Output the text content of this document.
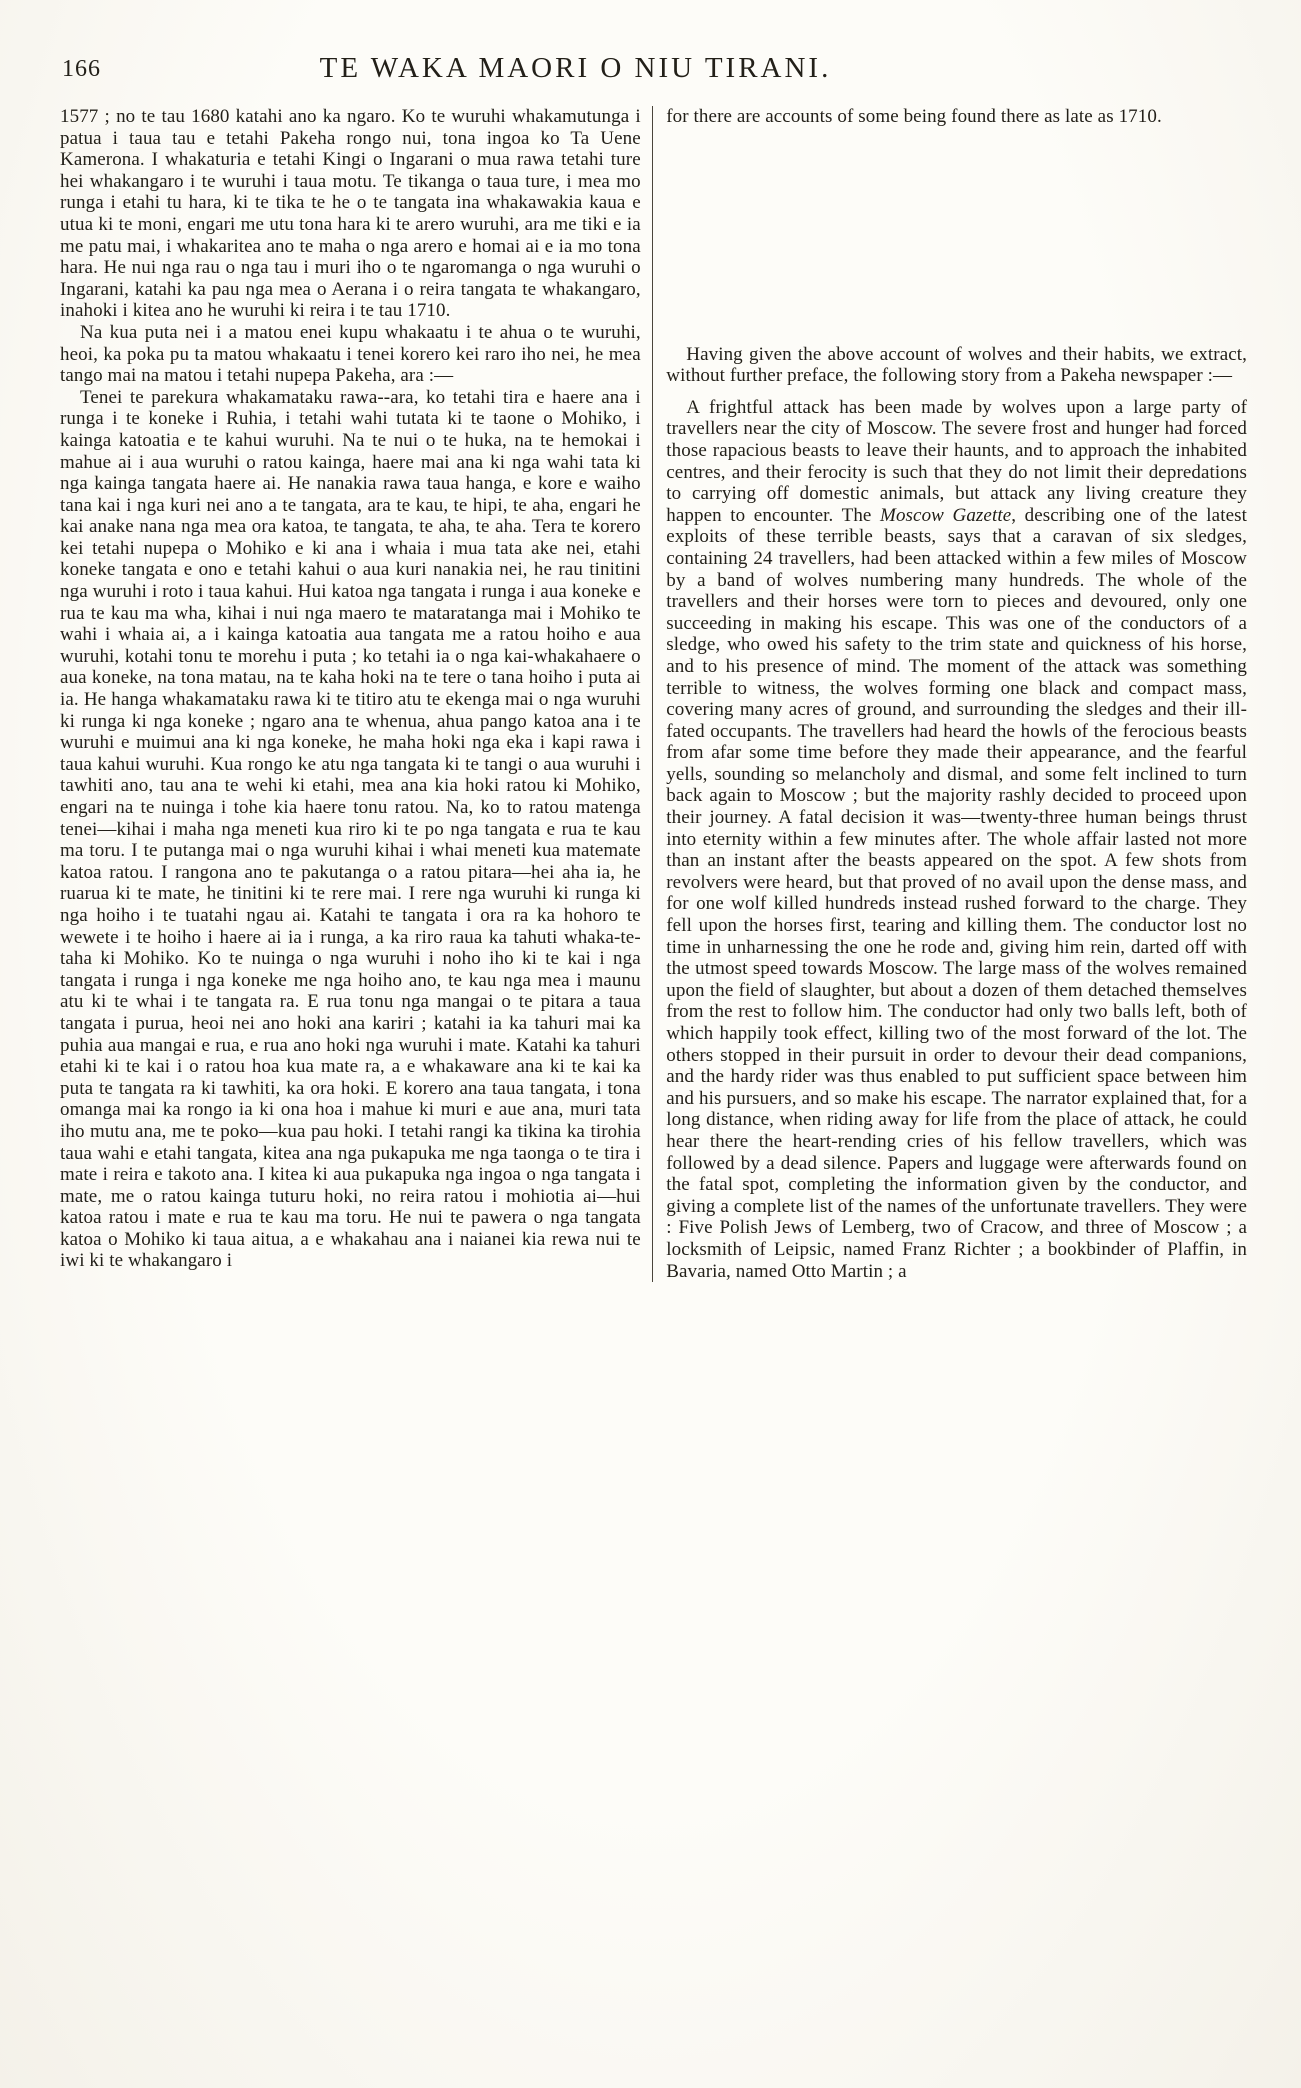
166	TE WAKA MAORI O NIU TIRANI.

1577 ; no te tau 1680 katahi ano ka ngaro. Ko te wuruhi whakamutunga i patua i taua tau e tetahi Pakeha rongo nui, tona ingoa ko Ta Uene Kamerona. I whakaturia e tetahi Kingi o Ingarani o mua rawa tetahi ture hei whakangaro i te wuruhi i taua motu. Te tikanga o taua ture, i mea mo runga i etahi tu hara, ki te tika te he o te tangata ina whakawakia kaua e utua ki te moni, engari me utu tona hara ki te arero wuruhi, ara me tiki e ia me patu mai, i whakaritea ano te maha o nga arero e homai ai e ia mo tona hara. He nui nga rau o nga tau i muri iho o te ngaromanga o nga wuruhi o Ingarani, katahi ka pau nga mea o Aerana i o reira tangata te whakangaro, inahoki i kitea ano he wuruhi ki reira i te tau 1710.

Na kua puta nei i a matou enei kupu whakaatu i te ahua o te wuruhi, heoi, ka poka pu ta matou whakaatu i tenei korero kei raro iho nei, he mea tango mai na matou i tetahi nupepa Pakeha, ara :—

Tenei te parekura whakamataku rawa--ara, ko tetahi tira e haere ana i runga i te koneke i Ruhia, i tetahi wahi tutata ki te taone o Mohiko, i kainga katoatia e te kahui wuruhi. Na te nui o te huka, na te hemokai i mahue ai i aua wuruhi o ratou kainga, haere mai ana ki nga wahi tata ki nga kainga tangata haere ai. He nanakia rawa taua hanga, e kore e waiho tana kai i nga kuri nei ano a te tangata, ara te kau, te hipi, te aha, engari he kai anake nana nga mea ora katoa, te tangata, te aha, te aha. Tera te korero kei tetahi nupepa o Mohiko e ki ana i whaia i mua tata ake nei, etahi koneke tangata e ono e tetahi kahui o aua kuri nanakia nei, he rau tinitini nga wuruhi i roto i taua kahui. Hui katoa nga tangata i runga i aua koneke e rua te kau ma wha, kihai i nui nga maero te mataratanga mai i Mohiko te wahi i whaia ai, a i kainga katoatia aua tangata me a ratou hoiho e aua wuruhi, kotahi tonu te morehu i puta ; ko tetahi ia o nga kai-whakahaere o aua koneke, na tona matau, na te kaha hoki na te tere o tana hoiho i puta ai ia. He hanga whakamataku rawa ki te titiro atu te ekenga mai o nga wuruhi ki runga ki nga koneke ; ngaro ana te whenua, ahua pango katoa ana i te wuruhi e muimui ana ki nga koneke, he maha hoki nga eka i kapi rawa i taua kahui wuruhi. Kua rongo ke atu nga tangata ki te tangi o aua wuruhi i tawhiti ano, tau ana te wehi ki etahi, mea ana kia hoki ratou ki Mohiko, engari na te nuinga i tohe kia haere tonu ratou. Na, ko to ratou matenga tenei—kihai i maha nga meneti kua riro ki te po nga tangata e rua te kau ma toru. I te putanga mai o nga wuruhi kihai i whai meneti kua matemate katoa ratou. I rangona ano te pakutanga o a ratou pitara—hei aha ia, he ruarua ki te mate, he tinitini ki te rere mai. I rere nga wuruhi ki runga ki nga hoiho i te tuatahi ngau ai. Katahi te tangata i ora ra ka hohoro te wewete i te hoiho i haere ai ia i runga, a ka riro raua ka tahuti whaka-te-taha ki Mohiko. Ko te nuinga o nga wuruhi i noho iho ki te kai i nga tangata i runga i nga koneke me nga hoiho ano, te kau nga mea i maunu atu ki te whai i te tangata ra. E rua tonu nga mangai o te pitara a taua tangata i purua, heoi nei ano hoki ana kariri ; katahi ia ka tahuri mai ka puhia aua mangai e rua, e rua ano hoki nga wuruhi i mate. Katahi ka tahuri etahi ki te kai i o ratou hoa kua mate ra, a e whakaware ana ki te kai ka puta te tangata ra ki tawhiti, ka ora hoki. E korero ana taua tangata, i tona omanga mai ka rongo ia ki ona hoa i mahue ki muri e aue ana, muri tata iho mutu ana, me te poko—kua pau hoki. I tetahi rangi ka tikina ka tirohia taua wahi e etahi tangata, kitea ana nga pukapuka me nga taonga o te tira i mate i reira e takoto ana. I kitea ki aua pukapuka nga ingoa o nga tangata i mate, me o ratou kainga tuturu hoki, no reira ratou i mohiotia ai—hui katoa ratou i mate e rua te kau ma toru. He nui te pawera o nga tangata katoa o Mohiko ki taua aitua, a e whakahau ana i naianei kia rewa nui te iwi ki te whakangaro i

for there are accounts of some being found there as late as 1710.

Having given the above account of wolves and their habits, we extract, without further preface, the following story from a Pakeha newspaper :—

A frightful attack has been made by wolves upon a large party of travellers near the city of Moscow. The severe frost and hunger had forced those rapacious beasts to leave their haunts, and to approach the inhabited centres, and their ferocity is such that they do not limit their depredations to carrying off domestic animals, but attack any living creature they happen to encounter. The Moscow Gazette, describing one of the latest exploits of these terrible beasts, says that a caravan of six sledges, containing 24 travellers, had been attacked within a few miles of Moscow by a band of wolves numbering many hundreds. The whole of the travellers and their horses were torn to pieces and devoured, only one succeeding in making his escape. This was one of the conductors of a sledge, who owed his safety to the trim state and quickness of his horse, and to his presence of mind. The moment of the attack was something terrible to witness, the wolves forming one black and compact mass, covering many acres of ground, and surrounding the sledges and their ill-fated occupants. The travellers had heard the howls of the ferocious beasts from afar some time before they made their appearance, and the fearful yells, sounding so melancholy and dismal, and some felt inclined to turn back again to Moscow ; but the majority rashly decided to proceed upon their journey. A fatal decision it was—twenty-three human beings thrust into eternity within a few minutes after. The whole affair lasted not more than an instant after the beasts appeared on the spot. A few shots from revolvers were heard, but that proved of no avail upon the dense mass, and for one wolf killed hundreds instead rushed forward to the charge. They fell upon the horses first, tearing and killing them. The conductor lost no time in unharnessing the one he rode and, giving him rein, darted off with the utmost speed towards Moscow. The large mass of the wolves remained upon the field of slaughter, but about a dozen of them detached themselves from the rest to follow him. The conductor had only two balls left, both of which happily took effect, killing two of the most forward of the lot. The others stopped in their pursuit in order to devour their dead companions, and the hardy rider was thus enabled to put sufficient space between him and his pursuers, and so make his escape. The narrator explained that, for a long distance, when riding away for life from the place of attack, he could hear there the heart-rending cries of his fellow travellers, which was followed by a dead silence. Papers and luggage were afterwards found on the fatal spot, completing the information given by the conductor, and giving a complete list of the names of the unfortunate travellers. They were : Five Polish Jews of Lemberg, two of Cracow, and three of Moscow ; a locksmith of Leipsic, named Franz Richter ; a bookbinder of Plaffin, in Bavaria, named Otto Martin ; a
